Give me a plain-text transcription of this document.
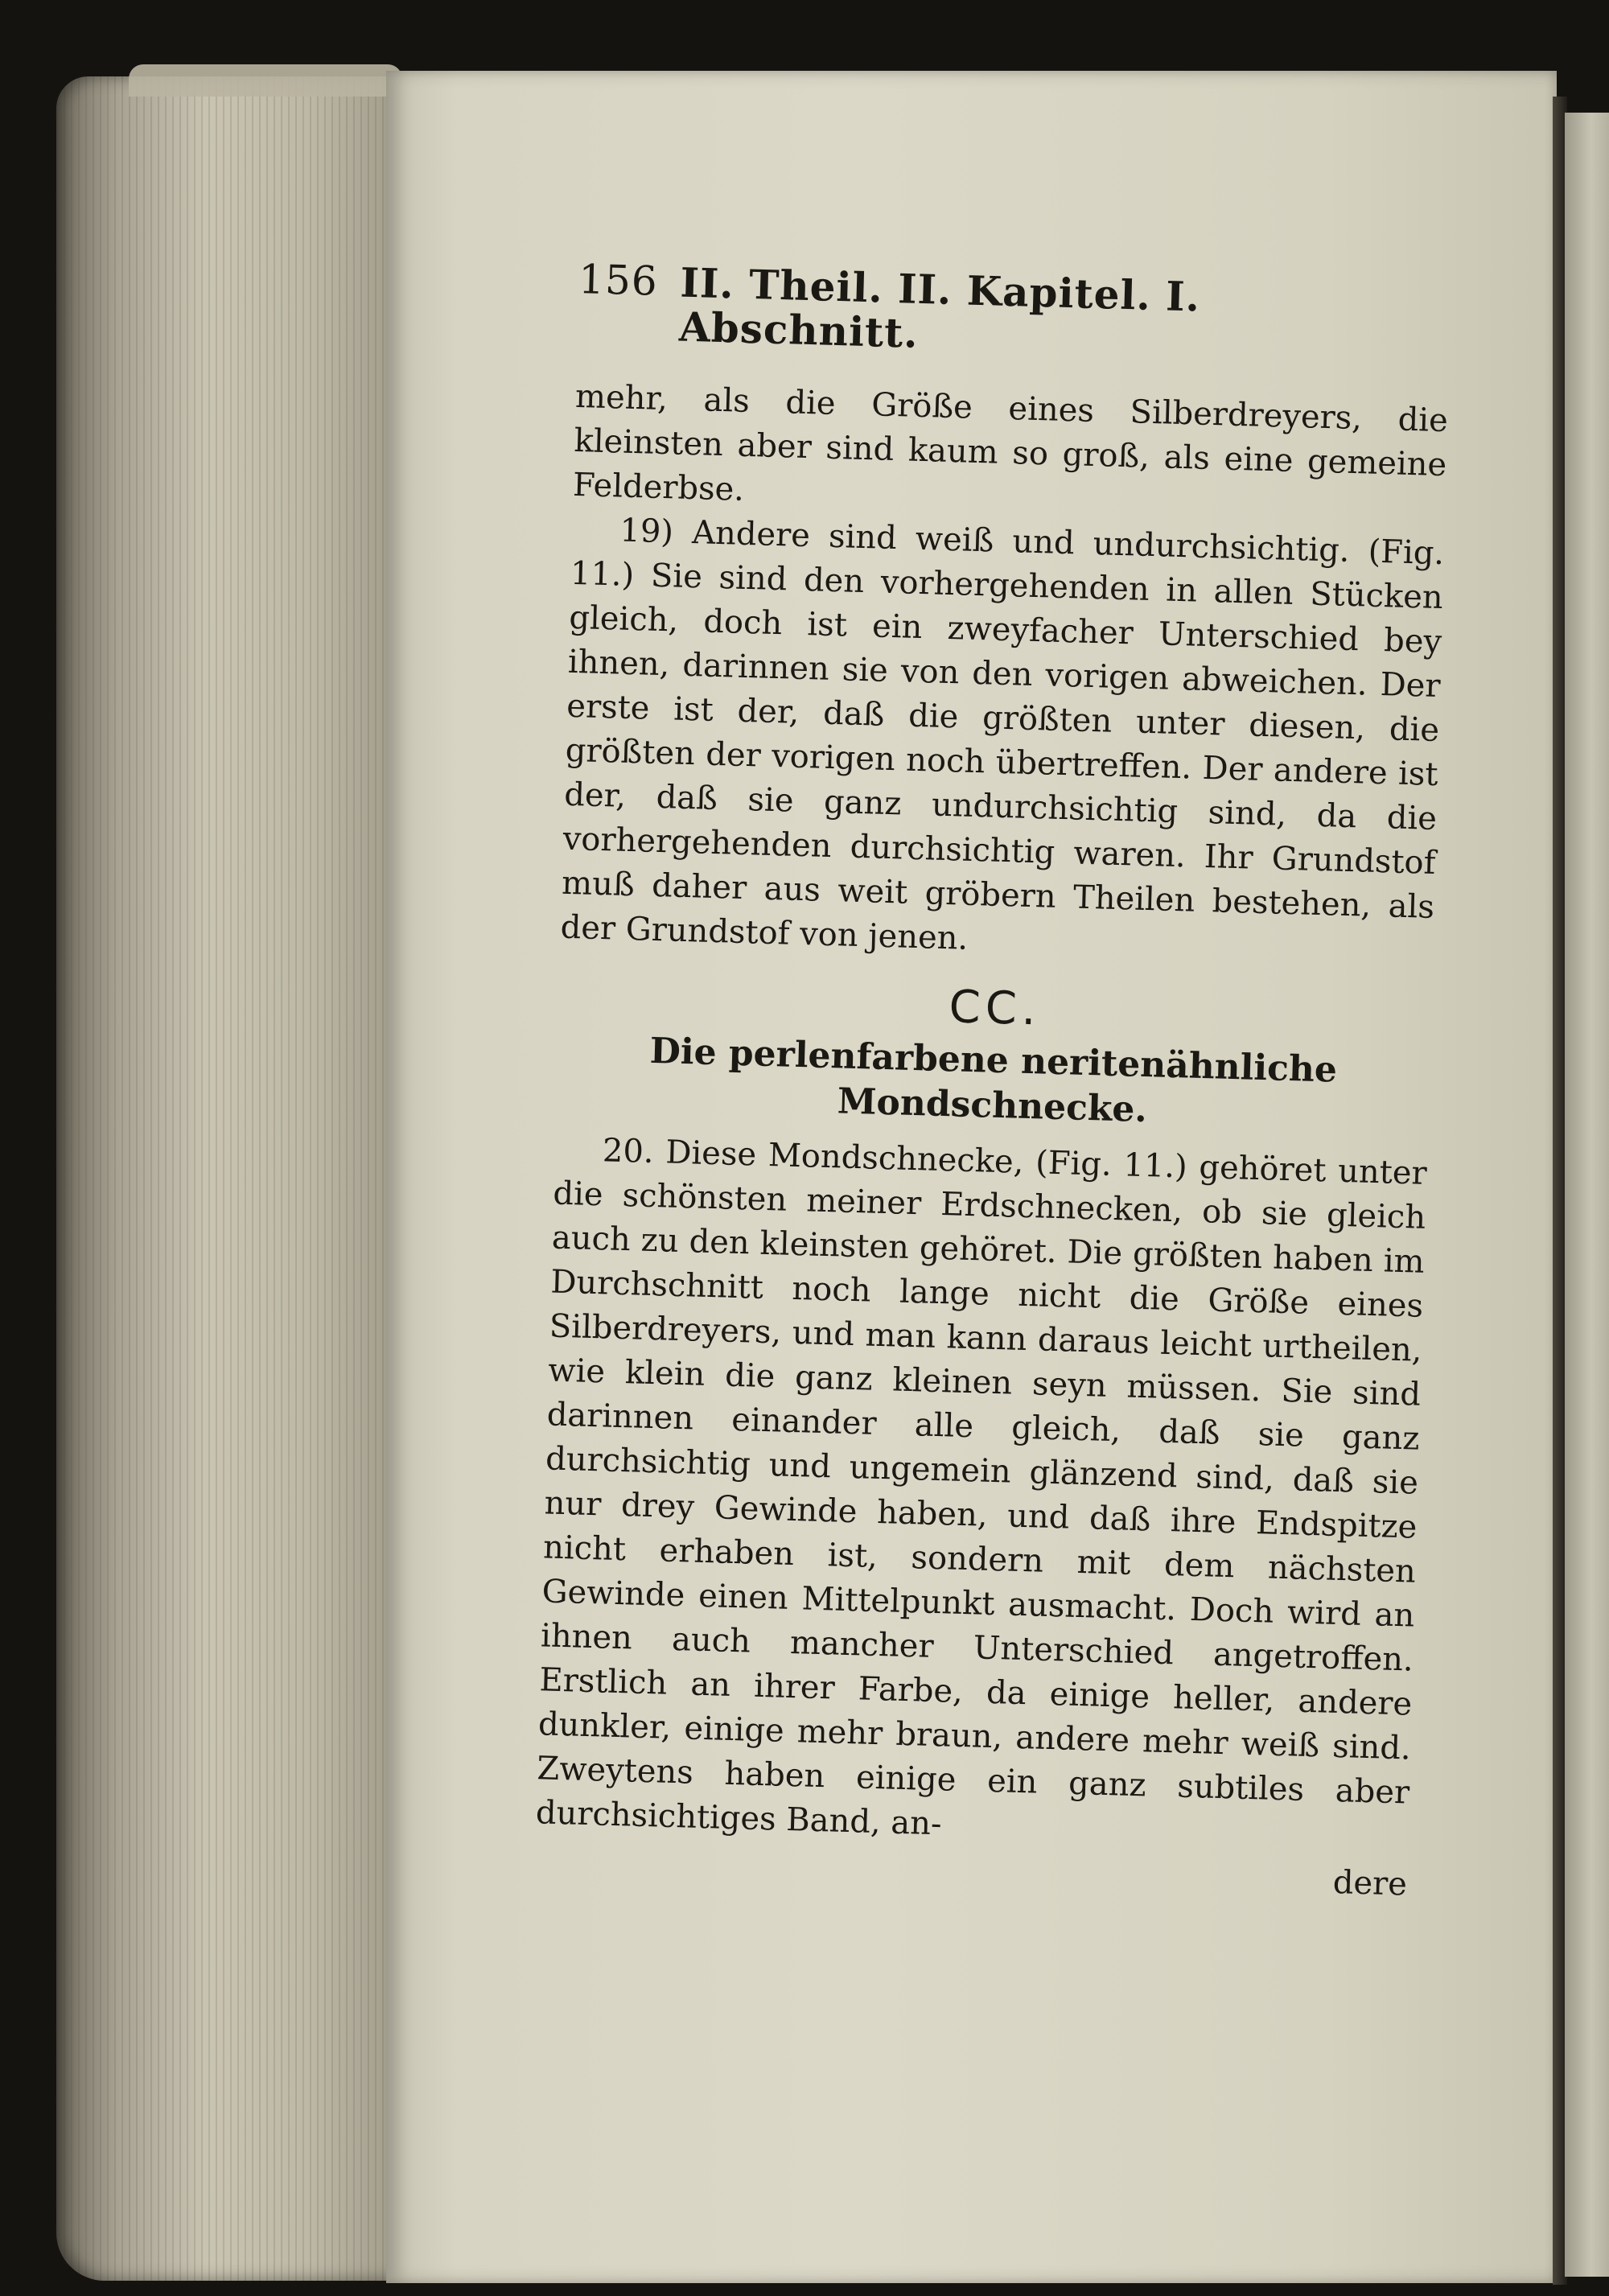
156 II. Theil. II. Kapitel. I. Abschnitt.

mehr, als die Größe eines Silberdreyers, die kleinsten aber sind kaum so groß, als eine gemeine Felderbse.

19) Andere sind weiß und undurchsichtig. (Fig. 11.) Sie sind den vorhergehenden in allen Stücken gleich, doch ist ein zweyfacher Unterschied bey ihnen, darinnen sie von den vorigen abweichen. Der erste ist der, daß die größten unter diesen, die größten der vorigen noch übertreffen. Der andere ist der, daß sie ganz undurchsichtig sind, da die vorhergehenden durchsichtig waren. Ihr Grundstof muß daher aus weit gröbern Theilen bestehen, als der Grundstof von jenen.

CC.
Die perlenfarbene neritenähnliche Mondschnecke.

20. Diese Mondschnecke, (Fig. 11.) gehöret unter die schönsten meiner Erdschnecken, ob sie gleich auch zu den kleinsten gehöret. Die größten haben im Durchschnitt noch lange nicht die Größe eines Silberdreyers, und man kann daraus leicht urtheilen, wie klein die ganz kleinen seyn müssen. Sie sind darinnen einander alle gleich, daß sie ganz durchsichtig und ungemein glänzend sind, daß sie nur drey Gewinde haben, und daß ihre Endspitze nicht erhaben ist, sondern mit dem nächsten Gewinde einen Mittelpunkt ausmacht. Doch wird an ihnen auch mancher Unterschied angetroffen. Erstlich an ihrer Farbe, da einige heller, andere dunkler, einige mehr braun, andere mehr weiß sind. Zweytens haben einige ein ganz subtiles aber durchsichtiges Band, an-

dere
